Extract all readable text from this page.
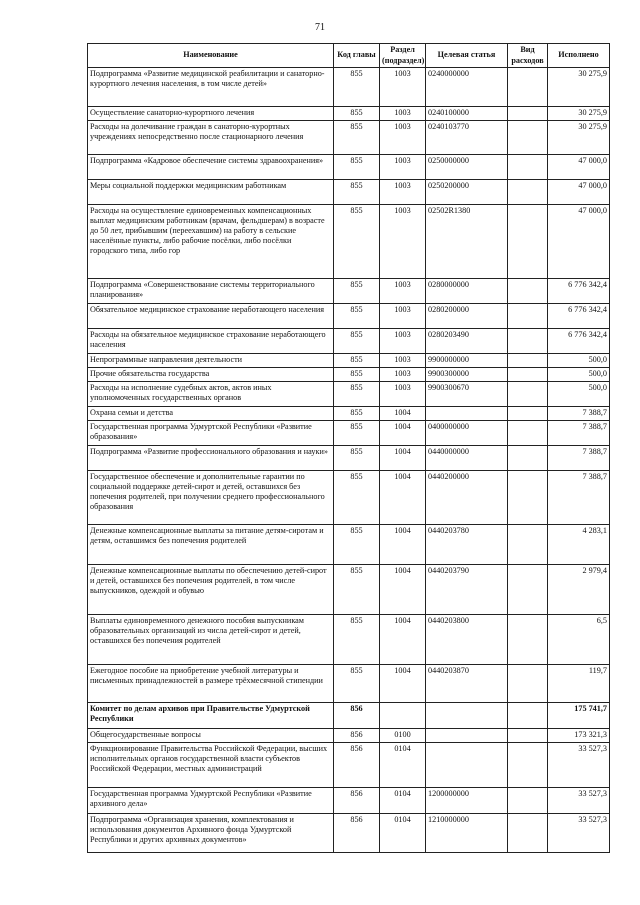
71
Наименование	Код главы	Раздел (подраздел)	Целевая статья	Вид расходов	Исполнено
Подпрограмма «Развитие медицинской реабилитации и санаторно-курортного лечения населения, в том числе детей»	855	1003	0240000000		30 275,9
Осуществление санаторно-курортного лечения	855	1003	0240100000		30 275,9
Расходы на долечивание граждан в санаторно-курортных учреждениях непосредственно после стационарного лечения	855	1003	0240103770		30 275,9
Подпрограмма «Кадровое обеспечение системы здравоохранения»	855	1003	0250000000		47 000,0
Меры социальной поддержки медицинским работникам	855	1003	0250200000		47 000,0
Расходы на осуществление единовременных компенсационных выплат медицинским работникам (врачам, фельдшерам) в возрасте до 50 лет, прибывшим (переехавшим) на работу в сельские населённые пункты, либо рабочие посёлки, либо посёлки городского типа, либо гор	855	1003	02502R1380		47 000,0
Подпрограмма «Совершенствование системы территориального планирования»	855	1003	0280000000		6 776 342,4
Обязательное медицинское страхование неработающего населения	855	1003	0280200000		6 776 342,4
Расходы на обязательное медицинское страхование неработающего населения	855	1003	0280203490		6 776 342,4
Непрограммные направления деятельности	855	1003	9900000000		500,0
Прочие обязательства государства	855	1003	9900300000		500,0
Расходы на исполнение судебных актов, актов иных уполномоченных государственных органов	855	1003	9900300670		500,0
Охрана семьи и детства	855	1004			7 388,7
Государственная программа Удмуртской Республики «Развитие образования»	855	1004	0400000000		7 388,7
Подпрограмма «Развитие профессионального образования и науки»	855	1004	0440000000		7 388,7
Государственное обеспечение и дополнительные гарантии по социальной поддержке детей-сирот и детей, оставшихся без попечения родителей, при получении среднего профессионального образования	855	1004	0440200000		7 388,7
Денежные компенсационные выплаты за питание детям-сиротам и детям, оставшимся без попечения родителей	855	1004	0440203780		4 283,1
Денежные компенсационные выплаты по обеспечению детей-сирот и детей, оставшихся без попечения родителей, в том числе выпускников, одеждой и обувью	855	1004	0440203790		2 979,4
Выплаты единовременного денежного пособия выпускникам образовательных организаций из числа детей-сирот и детей, оставшихся без попечения родителей	855	1004	0440203800		6,5
Ежегодное пособие на приобретение учебной литературы и письменных принадлежностей в размере трёхмесячной стипендии	855	1004	0440203870		119,7
Комитет по делам архивов при Правительстве Удмуртской Республики	856				175 741,7
Общегосударственные вопросы	856	0100			173 321,3
Функционирование Правительства Российской Федерации, высших исполнительных органов государственной власти субъектов Российской Федерации, местных администраций	856	0104			33 527,3
Государственная программа Удмуртской Республики «Развитие архивного дела»	856	0104	1200000000		33 527,3
Подпрограмма «Организация хранения, комплектования и использования документов Архивного фонда Удмуртской Республики и других архивных документов»	856	0104	1210000000		33 527,3
